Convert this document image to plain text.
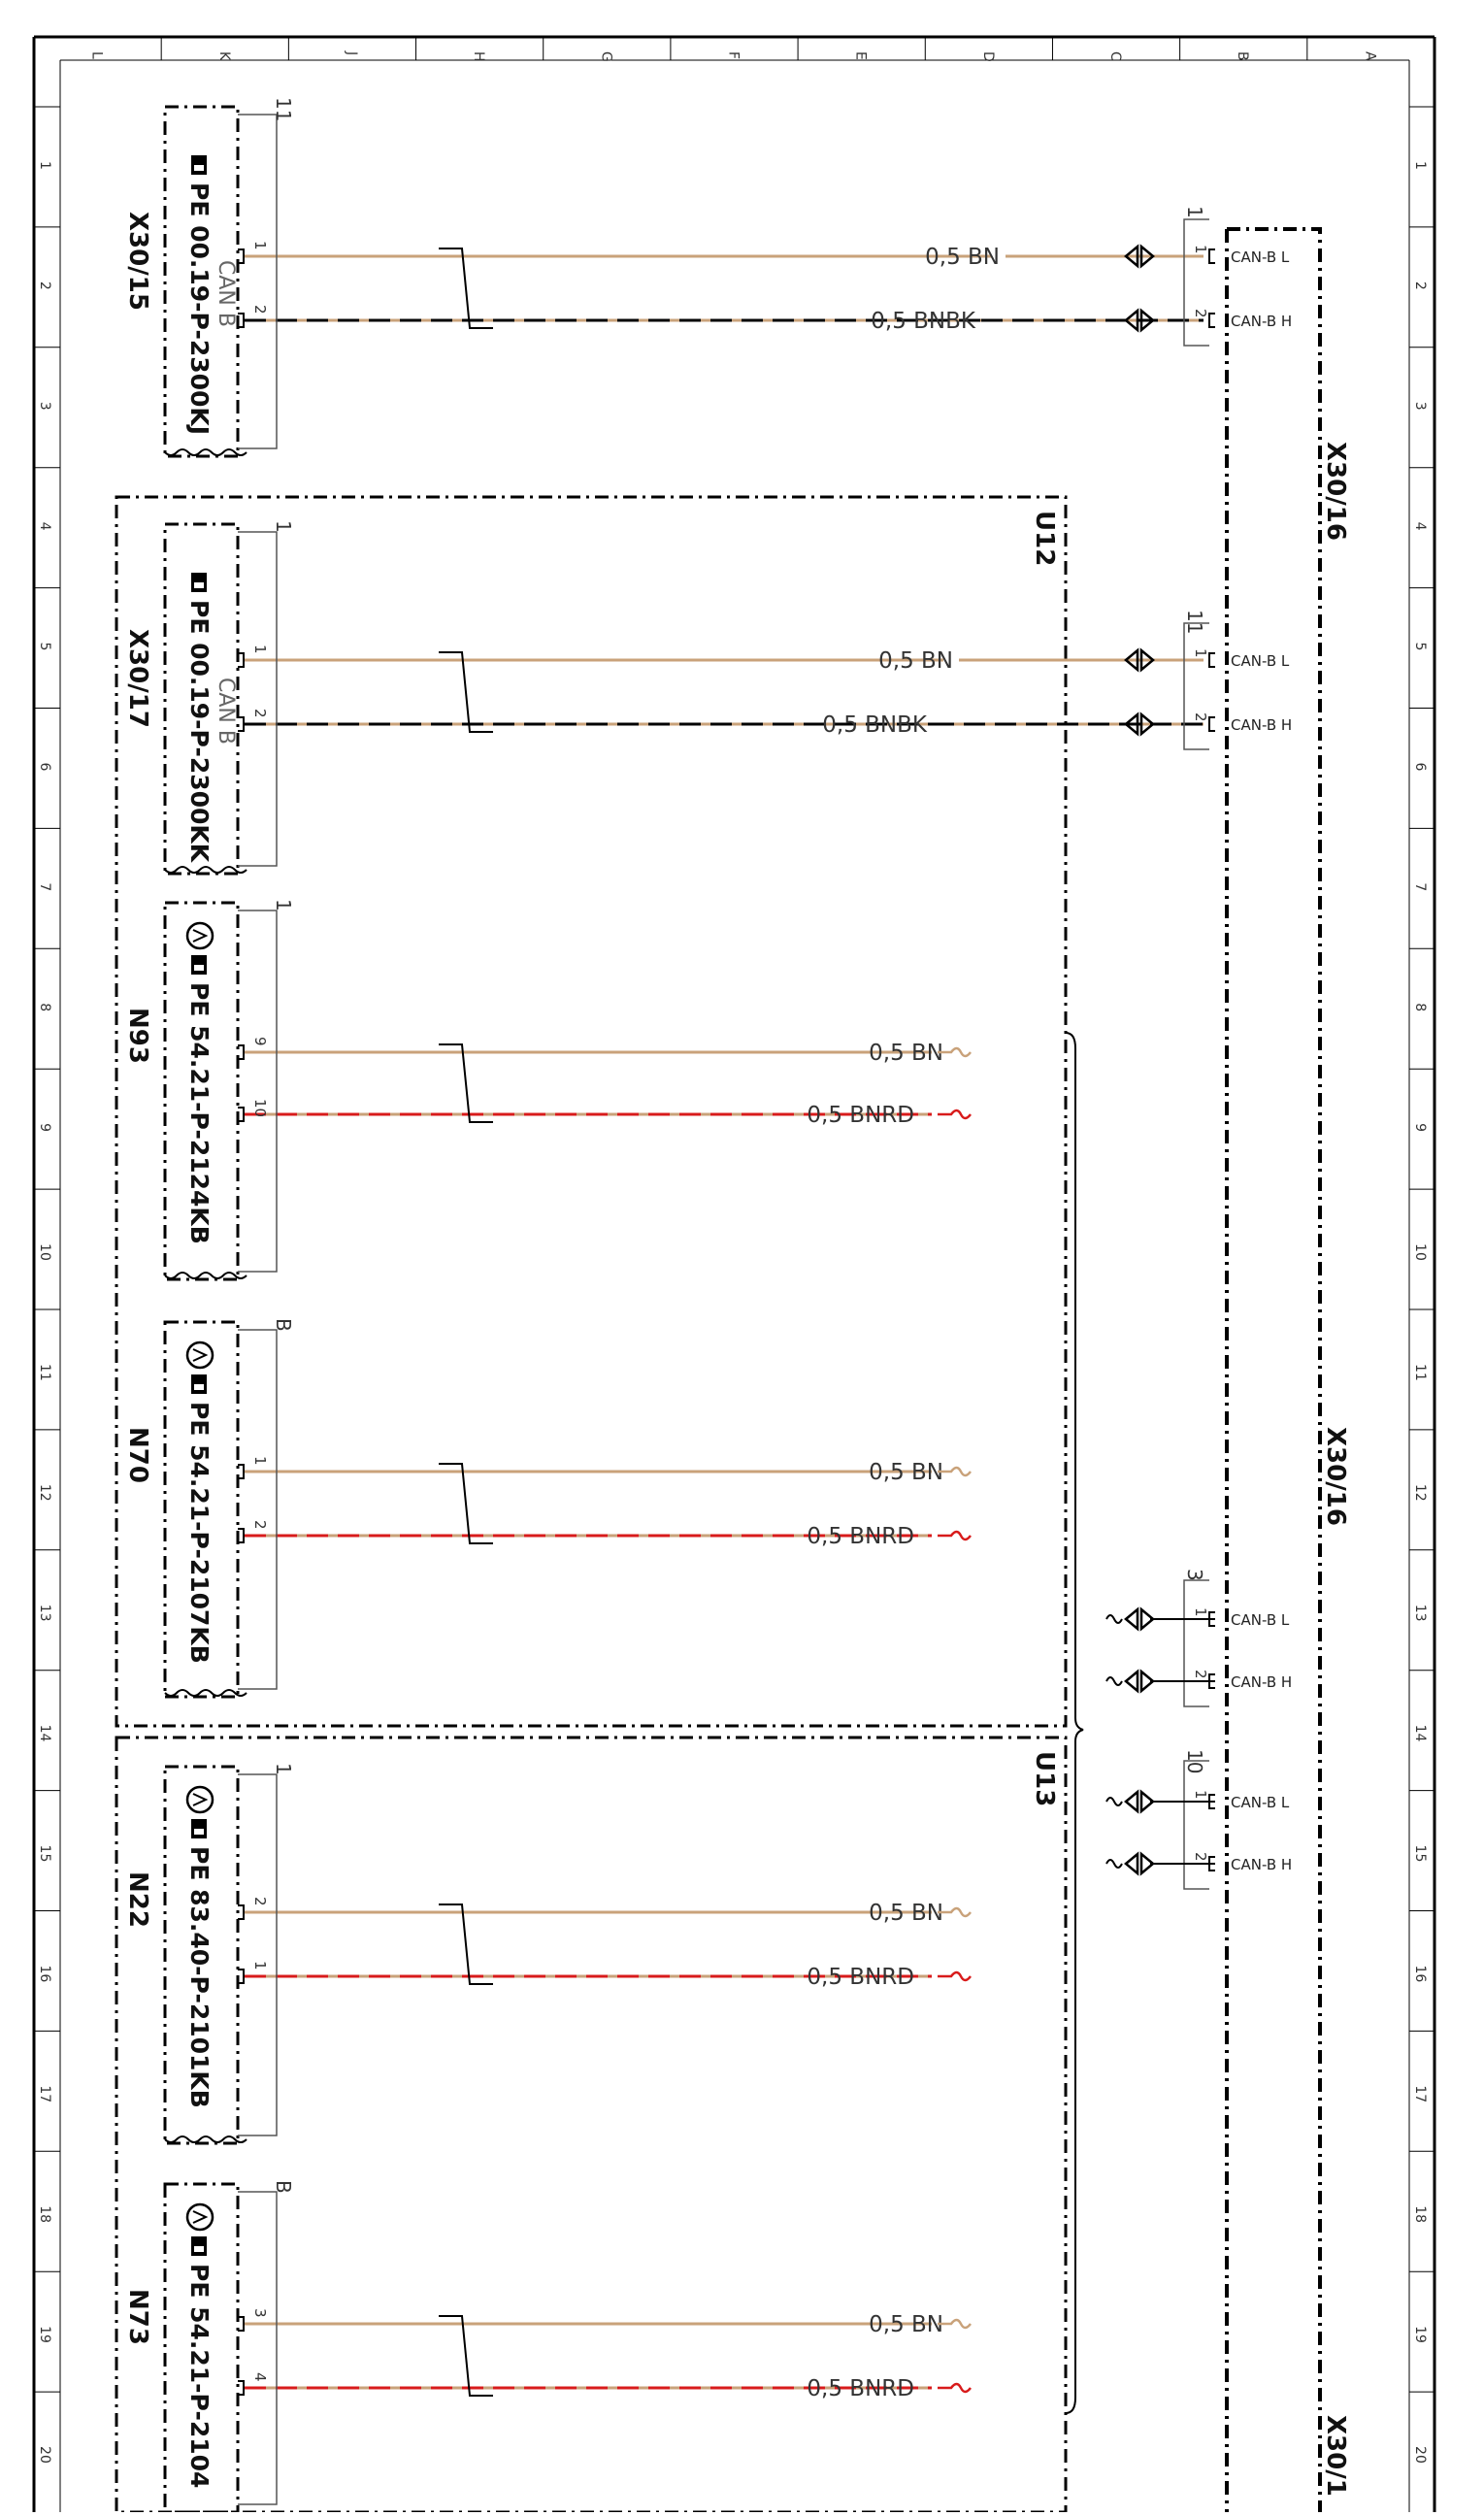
L	K	J	H	G	F	E	D	C	B	A
1	1
2	2
3	3
4	4
5	5
6	6
7	7
8	8
9	9
10	10
11	11
12	12
13	13
14	14
15	15
16	16
17	17
18	18
19	19
20	20
U12
U13
X30/16
X30/16
X30/1
0,5 BN	1 CAN-B L
0,5 BNBK	2 CAN-B H
0,5 BN	1 CAN-B L
0,5 BNBK	2 CAN-B H
0,5 BN
0,5 BNRD
0,5 BN
0,5 BNRD
0,5 BN
0,5 BNRD
0,5 BN
0,5 BNRD
11
PE 00.19-P-2300KJ CAN B
X30/15	1
2
1
PE 00.19-P-2300KK CAN B
X30/17	1
2
1
PE 54.21-P-2124KB
N93	9
10
B
PE 54.21-P-2107KB
N70	1
2
1
PE 83.40-P-2101KB
N22	2
1
B
PE 54.21-P-2104
N73	3
4
1
11
3
1 CAN-B L
2 CAN-B H
10
1 CAN-B L
2 CAN-B H
